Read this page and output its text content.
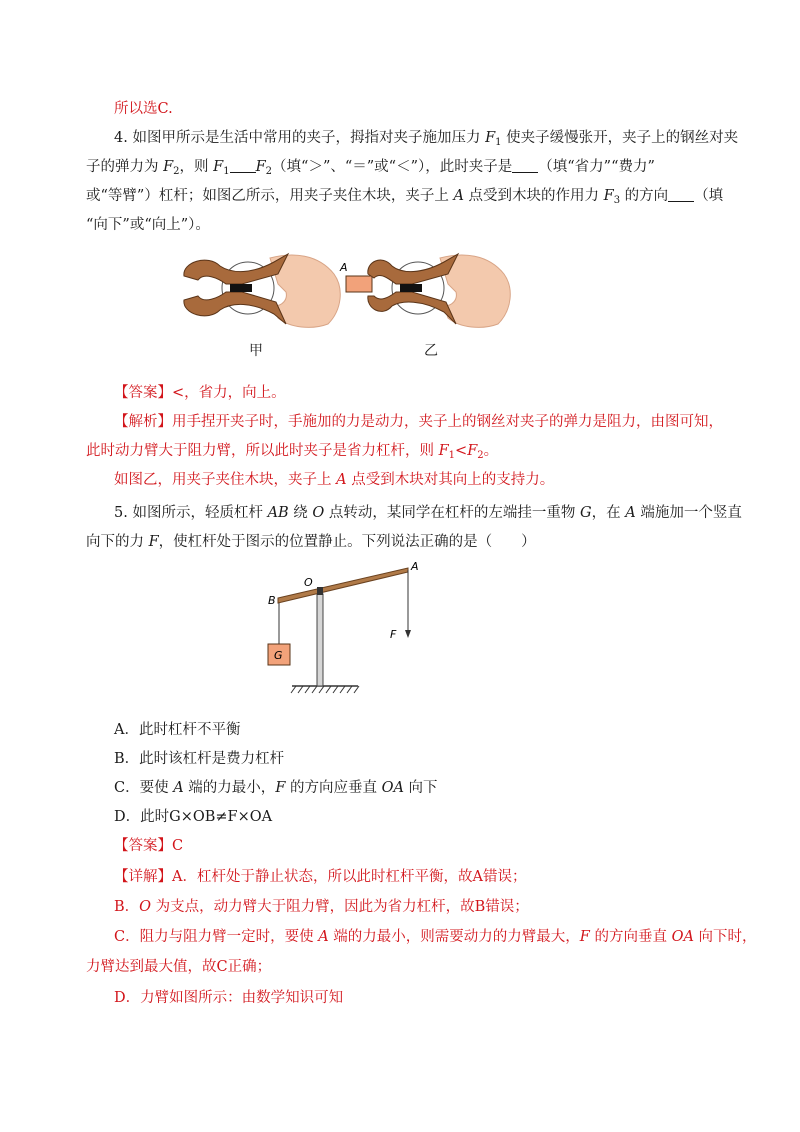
所以选C.
4. 如图甲所示是生活中常用的夹子，拇指对夹子施加压力 $F_1$ 使夹子缓慢张开，夹子上的钢丝对夹
子的弹力为 $F_2$，则 $F_1$ $F_2$（填“＞”、“＝”或“＜”），此时夹子是 （填“省力”“费力”
或“等臂”）杠杆；如图乙所示，用夹子夹住木块，夹子上 A 点受到木块的作用力 $F_3$ 的方向 （填
“向下”或“向上”）。
甲
A
乙
【答案】<，省力，向上。
【解析】用手捏开夹子时，手施加的力是动力，夹子上的钢丝对夹子的弹力是阻力，由图可知，
此时动力臂大于阻力臂，所以此时夹子是省力杠杆，则 $F_1<F_2$。
如图乙，用夹子夹住木块，夹子上 A 点受到木块对其向上的支持力。
5. 如图所示，轻质杠杆 AB 绕 O 点转动，某同学在杠杆的左端挂一重物 G，在 A 端施加一个竖直
向下的力 F，使杠杆处于图示的位置静止。下列说法正确的是（　　）
O
A
B
F
G
A．此时杠杆不平衡
B．此时该杠杆是费力杠杆
C．要使 A 端的力最小，F 的方向应垂直 OA 向下
D．此时G×OB≠F×OA
【答案】C
【详解】A．杠杆处于静止状态，所以此时杠杆平衡，故A错误；
B．O 为支点，动力臂大于阻力臂，因此为省力杠杆，故B错误；
C．阻力与阻力臂一定时，要使 A 端的力最小，则需要动力的力臂最大，F 的方向垂直 OA 向下时，
力臂达到最大值，故C正确；
D．力臂如图所示：由数学知识可知
